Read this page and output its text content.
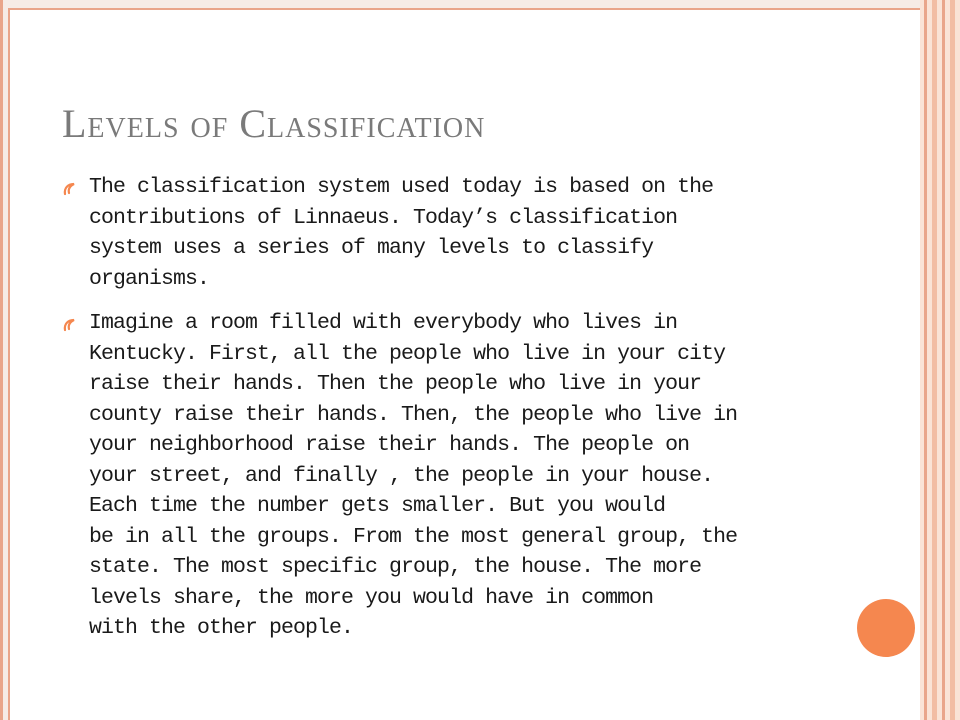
Levels of Classification
The classification system used today is based on the
contributions of Linnaeus. Today’s classification
system uses a series of many levels to classify
organisms.
Imagine a room filled with everybody who lives in
Kentucky. First, all the people who live in your city
raise their hands. Then the people who live in your
county raise their hands. Then, the people who live in
your neighborhood raise their hands. The people on
your street, and finally , the people in your house.
Each time the number gets smaller. But you would
be in all the groups. From the most general group, the
state. The most specific group, the house. The more
levels share, the more you would have in common
with the other people.
